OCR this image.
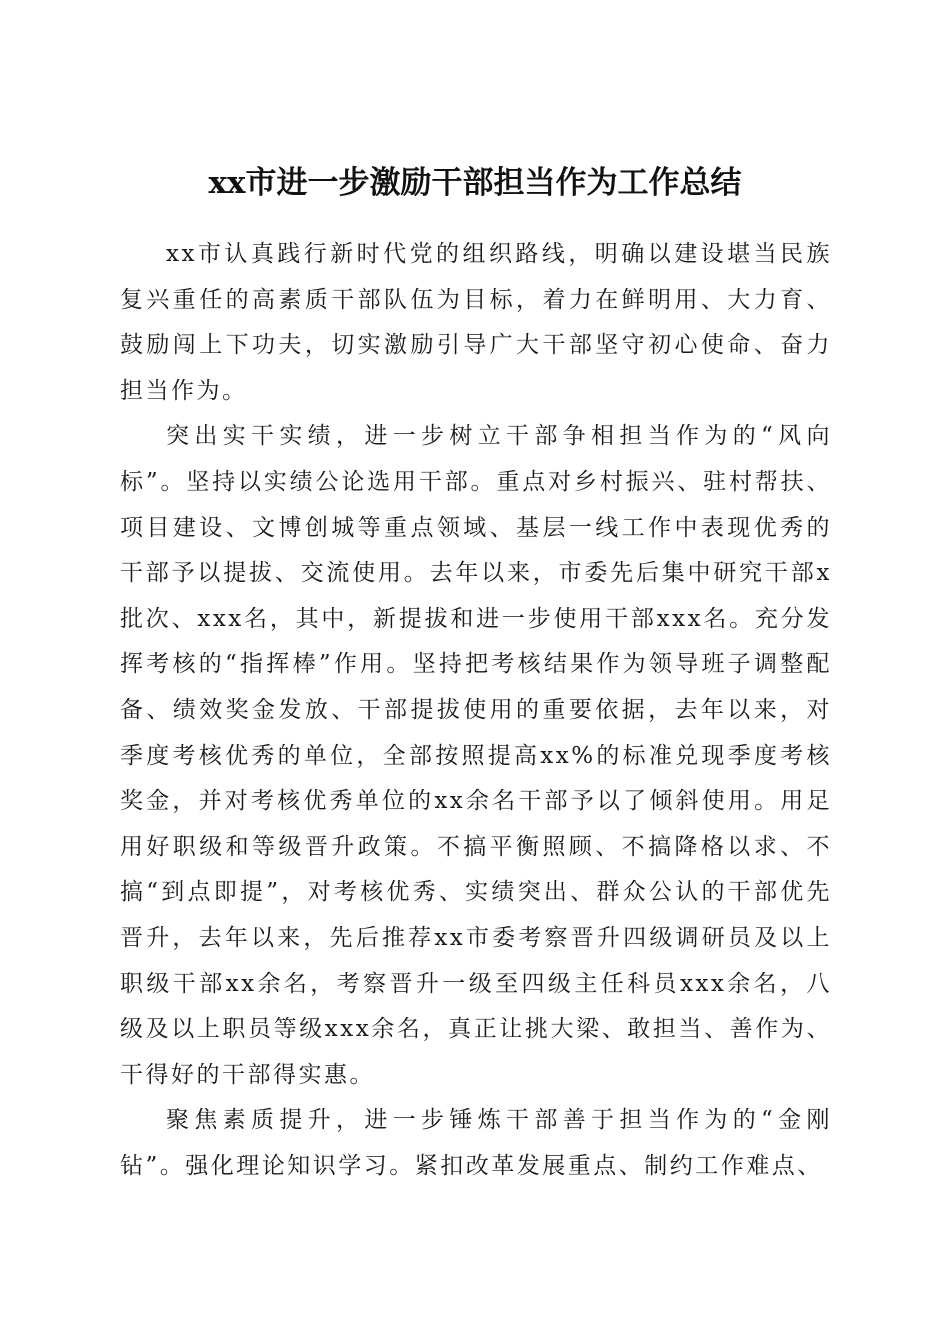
xx市进一步激励干部担当作为工作总结

xx市认真践行新时代党的组织路线，明确以建设堪当民族复兴重任的高素质干部队伍为目标，着力在鲜明用、大力育、鼓励闯上下功夫，切实激励引导广大干部坚守初心使命、奋力担当作为。

突出实干实绩，进一步树立干部争相担当作为的“风向标”。坚持以实绩公论选用干部。重点对乡村振兴、驻村帮扶、项目建设、文博创城等重点领域、基层一线工作中表现优秀的干部予以提拔、交流使用。去年以来，市委先后集中研究干部x批次、xxx名，其中，新提拔和进一步使用干部xxx名。充分发挥考核的“指挥棒”作用。坚持把考核结果作为领导班子调整配备、绩效奖金发放、干部提拔使用的重要依据，去年以来，对季度考核优秀的单位，全部按照提高xx%的标准兑现季度考核奖金，并对考核优秀单位的xx余名干部予以了倾斜使用。用足用好职级和等级晋升政策。不搞平衡照顾、不搞降格以求、不搞“到点即提”，对考核优秀、实绩突出、群众公认的干部优先晋升，去年以来，先后推荐xx市委考察晋升四级调研员及以上职级干部xx余名，考察晋升一级至四级主任科员xxx余名，八级及以上职员等级xxx余名，真正让挑大梁、敢担当、善作为、干得好的干部得实惠。

聚焦素质提升，进一步锤炼干部善于担当作为的“金刚钻”。强化理论知识学习。紧扣改革发展重点、制约工作难点、
